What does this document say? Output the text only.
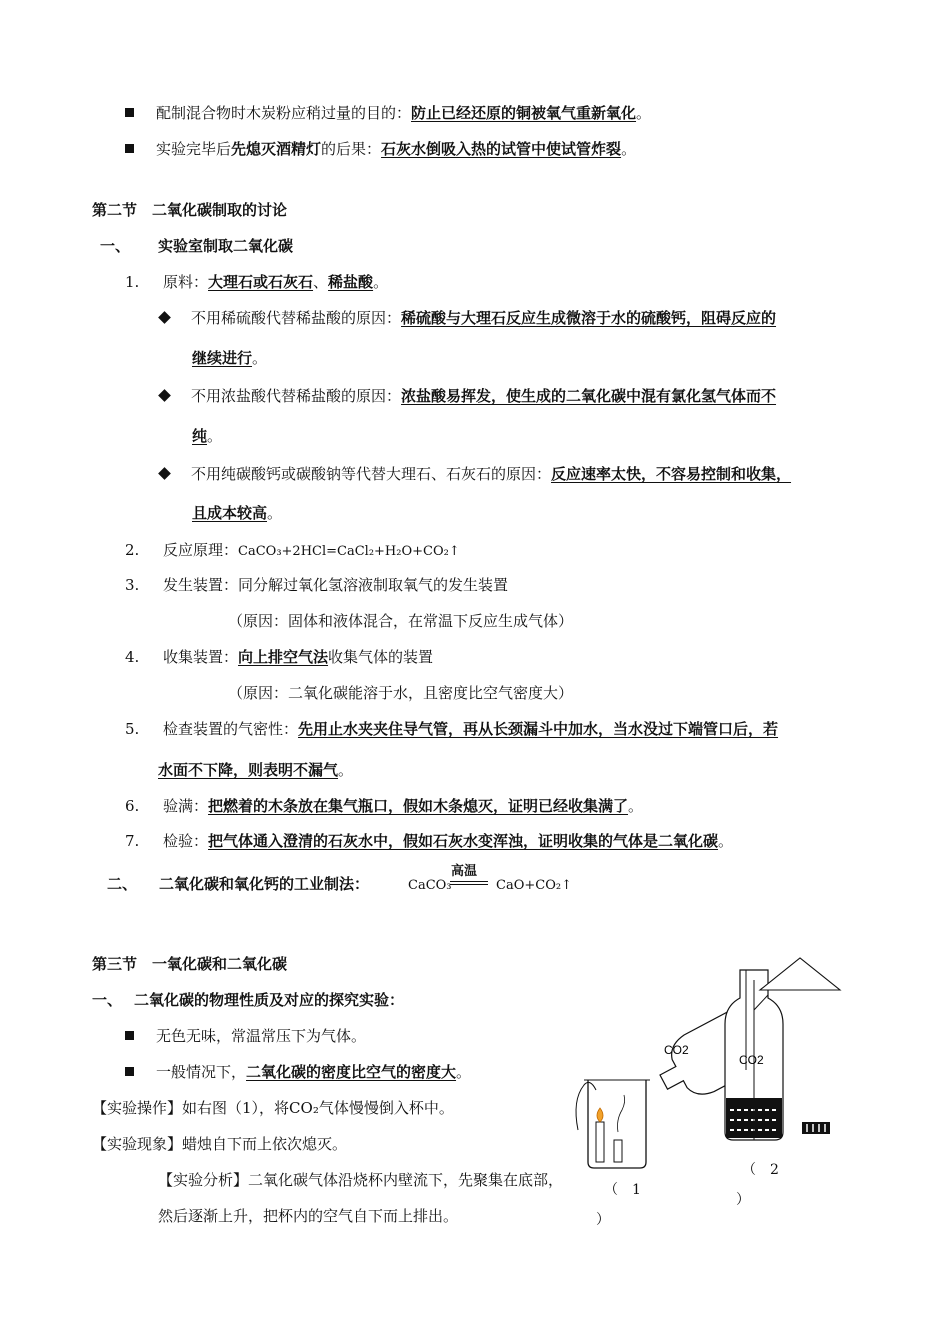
配制混合物时木炭粉应稍过量的目的：防止已经还原的铜被氧气重新氧化。
实验完毕后先熄灭酒精灯的后果：石灰水倒吸入热的试管中使试管炸裂。
第二节　二氧化碳制取的讨论
一、 实验室制取二氧化碳
1. 原料：大理石或石灰石、稀盐酸。
不用稀硫酸代替稀盐酸的原因：稀硫酸与大理石反应生成微溶于水的硫酸钙，阻碍反应的
继续进行。
不用浓盐酸代替稀盐酸的原因：浓盐酸易挥发，使生成的二氧化碳中混有氯化氢气体而不
纯。
不用纯碳酸钙或碳酸钠等代替大理石、石灰石的原因：反应速率太快，不容易控制和收集，
且成本较高。
2. 反应原理：CaCO₃+2HCl=CaCl₂+H₂O+CO₂↑
3. 发生装置：同分解过氧化氢溶液制取氧气的发生装置
（原因：固体和液体混合，在常温下反应生成气体）
4. 收集装置：向上排空气法收集气体的装置
（原因：二氧化碳能溶于水，且密度比空气密度大）
5. 检查装置的气密性：先用止水夹夹住导气管，再从长颈漏斗中加水，当水没过下端管口后，若
水面不下降，则表明不漏气。
6. 验满：把燃着的木条放在集气瓶口，假如木条熄灭，证明已经收集满了。
7. 检验：把气体通入澄清的石灰水中，假如石灰水变浑浊，证明收集的气体是二氧化碳。
二、 二氧化碳和氧化钙的工业制法：	CaCO₃
高温
CaO+CO₂↑
第三节　一氧化碳和二氧化碳
一、 二氧化碳的物理性质及对应的探究实验：
无色无味，常温常压下为气体。
一般情况下，二氧化碳的密度比空气的密度大。
【实验操作】如右图（1），将CO₂气体慢慢倒入杯中。
【实验现象】蜡烛自下而上依次熄灭。
【实验分析】二氧化碳气体沿烧杯内壁流下，先聚集在底部，
然后逐渐上升，把杯内的空气自下而上排出。
CO2
CO2
（　1
）
（　2
）
